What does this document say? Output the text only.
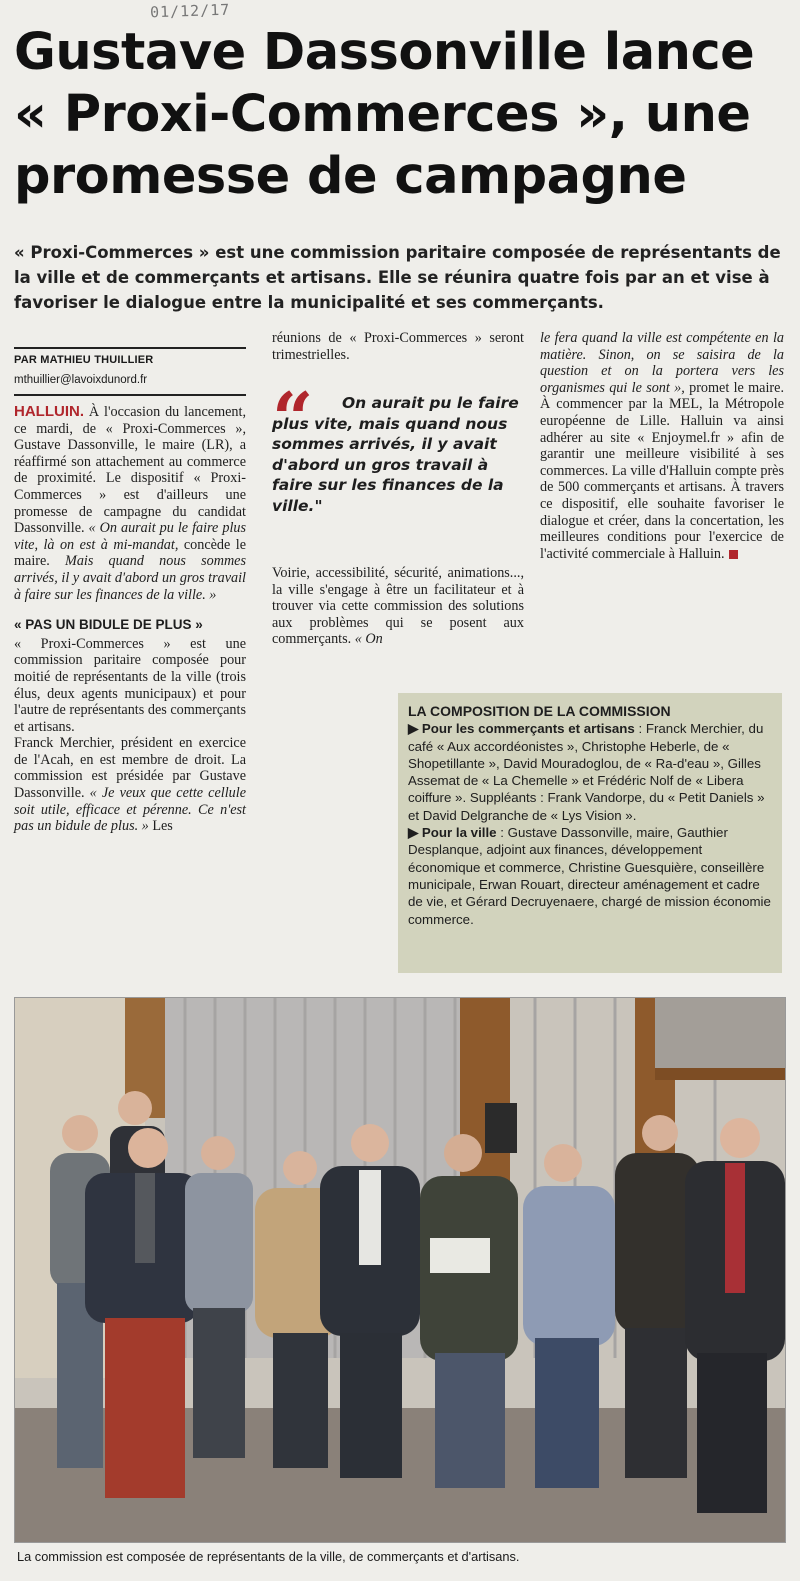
01/12/17
Gustave Dassonville lance « Proxi-Commerces », une promesse de campagne

« Proxi-Commerces » est une commission paritaire composée de représentants de la ville et de commerçants et artisans. Elle se réunira quatre fois par an et vise à favoriser le dialogue entre la municipalité et ses commerçants.

PAR MATHIEU THUILLIER
mthuillier@lavoixdunord.fr

HALLUIN. À l'occasion du lancement, ce mardi, de « Proxi-Commerces », Gustave Dassonville, le maire (LR), a réaffirmé son attachement au commerce de proximité. Le dispositif « Proxi-Commerces » est d'ailleurs une promesse de campagne du candidat Dassonville. « On aurait pu le faire plus vite, là on est à mi-mandat, concède le maire. Mais quand nous sommes arrivés, il y avait d'abord un gros travail à faire sur les finances de la ville. »

« PAS UN BIDULE DE PLUS »

« Proxi-Commerces » est une commission paritaire composée pour moitié de représentants de la ville (trois élus, deux agents municipaux) et pour l'autre de représentants des commerçants et artisans.

Franck Merchier, président en exercice de l'Acah, en est membre de droit. La commission est présidée par Gustave Dassonville. « Je veux que cette cellule soit utile, efficace et pérenne. Ce n'est pas un bidule de plus. » Les

réunions de « Proxi-Commerces » seront trimestrielles.

“	On aurait pu le faire plus vite, mais quand nous sommes arrivés, il y avait d'abord un gros travail à faire sur les finances de la ville."

Voirie, accessibilité, sécurité, animations..., la ville s'engage à être un facilitateur et à trouver via cette commission des solutions aux problèmes qui se posent aux commerçants. « On

le fera quand la ville est compétente en la matière. Sinon, on se saisira de la question et on la portera vers les organismes qui le sont », promet le maire. À commencer par la MEL, la Métropole européenne de Lille. Halluin va ainsi adhérer au site « Enjoymel.fr » afin de garantir une meilleure visibilité à ses commerces. La ville d'Halluin compte près de 500 commerçants et artisans. À travers ce dispositif, elle souhaite favoriser le dialogue et créer, dans la concertation, les meilleures conditions pour l'exercice de l'activité commerciale à Halluin.

LA COMPOSITION DE LA COMMISSION

▶ Pour les commerçants et artisans : Franck Merchier, du café « Aux accordéonistes », Christophe Heberle, de « Shopetillante », David Mouradoglou, de « Ra-d'eau », Gilles Assemat de « La Chemelle » et Frédéric Nolf de « Libera coiffure ». Suppléants : Frank Vandorpe, du « Petit Daniels » et David Delgranche de « Lys Vision ».

▶ Pour la ville : Gustave Dassonville, maire, Gauthier Desplanque, adjoint aux finances, développement économique et commerce, Christine Guesquière, conseillère municipale, Erwan Rouart, directeur aménagement et cadre de vie, et Gérard Decruyenaere, chargé de mission économie commerce.

La commission est composée de représentants de la ville, de commerçants et d'artisans.
